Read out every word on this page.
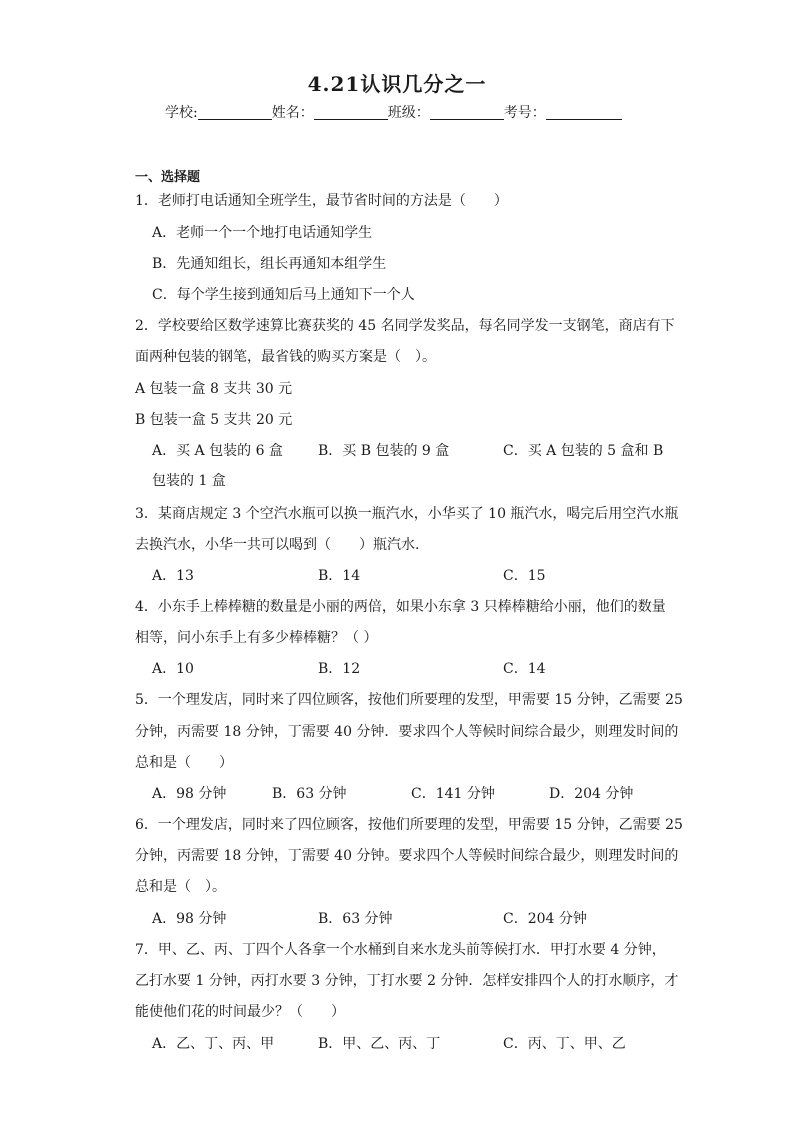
4.21认识几分之一
学校:	姓名：	班级：	考号：
一、选择题
1．老师打电话通知全班学生，最节省时间的方法是（　　）
A．老师一个一个地打电话通知学生
B．先通知组长，组长再通知本组学生
C．每个学生接到通知后马上通知下一个人
2．学校要给区数学速算比赛获奖的 45 名同学发奖品，每名同学发一支钢笔，商店有下
面两种包装的钢笔，最省钱的购买方案是（　）。
A 包装一盒 8 支共 30 元
B 包装一盒 5 支共 20 元
A．买 A 包装的 6 盒	B．买 B 包装的 9 盒	C．买 A 包装的 5 盒和 B
包装的 1 盒
3．某商店规定 3 个空汽水瓶可以换一瓶汽水，小华买了 10 瓶汽水，喝完后用空汽水瓶
去换汽水，小华一共可以喝到（　　）瓶汽水.
A．13	B．14	C．15
4．小东手上棒棒糖的数量是小丽的两倍，如果小东拿 3 只棒棒糖给小丽，他们的数量
相等，问小东手上有多少棒棒糖？（ ）
A．10	B．12	C．14
5．一个理发店，同时来了四位顾客，按他们所要理的发型，甲需要 15 分钟，乙需要 25
分钟，丙需要 18 分钟，丁需要 40 分钟．要求四个人等候时间综合最少，则理发时间的
总和是（　　）
A．98 分钟	B．63 分钟	C．141 分钟	D．204 分钟
6．一个理发店，同时来了四位顾客，按他们所要理的发型，甲需要 15 分钟，乙需要 25
分钟，丙需要 18 分钟，丁需要 40 分钟。要求四个人等候时间综合最少，则理发时间的
总和是（　）。
A．98 分钟	B．63 分钟	C．204 分钟
7．甲、乙、丙、丁四个人各拿一个水桶到自来水龙头前等候打水．甲打水要 4 分钟，
乙打水要 1 分钟，丙打水要 3 分钟，丁打水要 2 分钟．怎样安排四个人的打水顺序，才
能使他们花的时间最少？（　　）
A．乙、丁、丙、甲	B．甲、乙、丙、丁	C．丙、丁、甲、乙
